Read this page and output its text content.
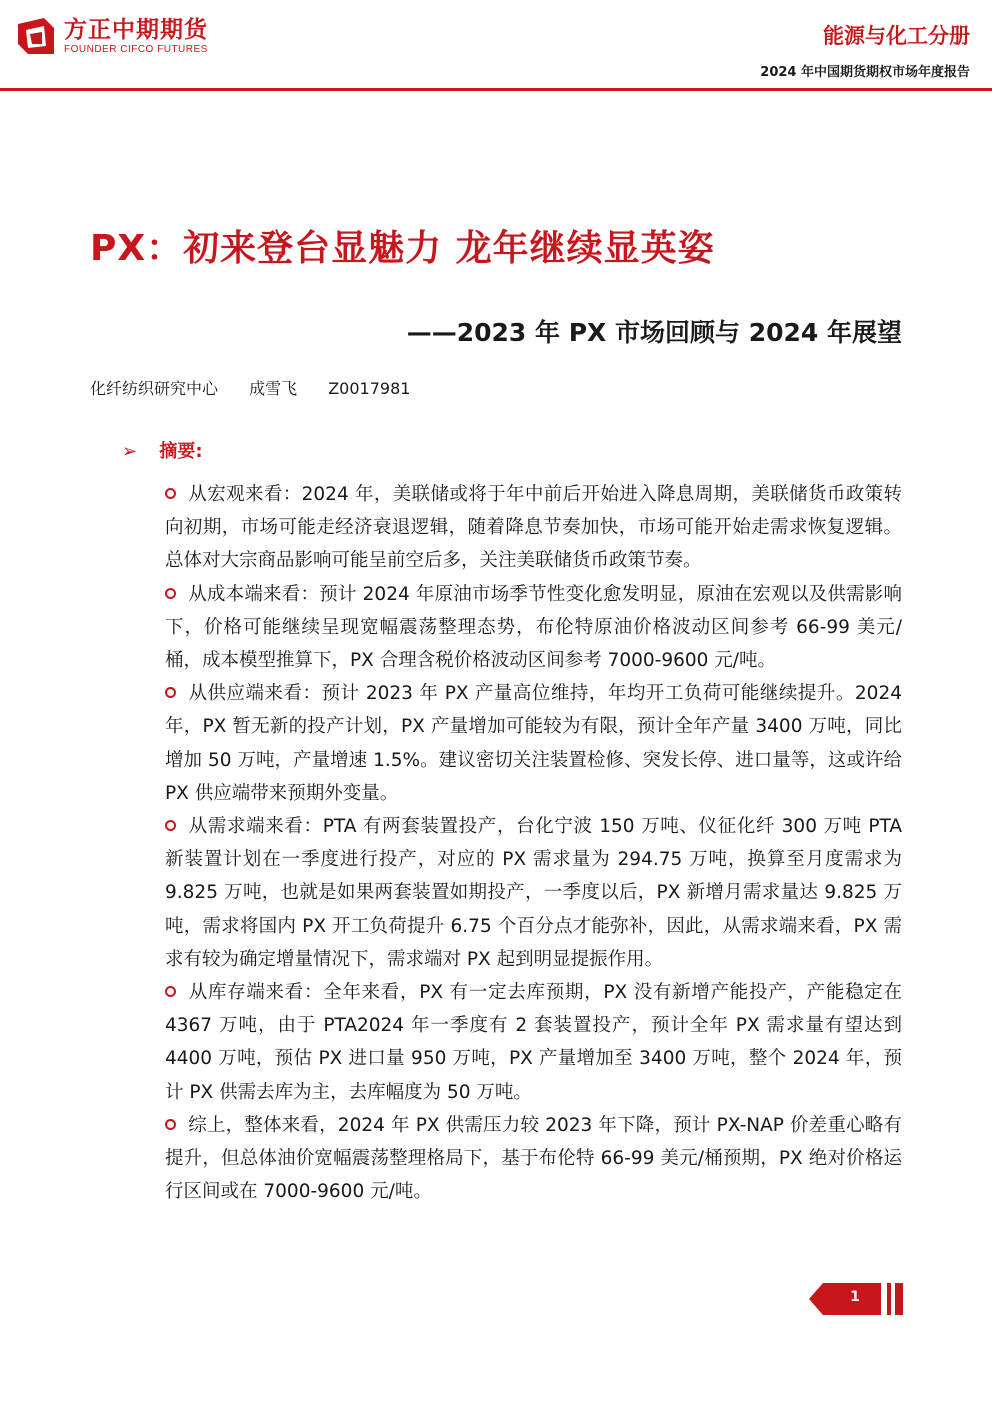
方正中期期货
FOUNDER CIFCO FUTURES
能源与化工分册
2024 年中国期货期权市场年度报告
PX：初来登台显魅力 龙年继续显英姿
——2023 年 PX 市场回顾与 2024 年展望
化纤纺织研究中心 成雪飞 Z0017981
➢ 摘要:

从宏观来看：2024 年，美联储或将于年中前后开始进入降息周期，美联储货币政策转向初期，市场可能走经济衰退逻辑，随着降息节奏加快，市场可能开始走需求恢复逻辑。总体对大宗商品影响可能呈前空后多，关注美联储货币政策节奏。

从成本端来看：预计 2024 年原油市场季节性变化愈发明显，原油在宏观以及供需影响下，价格可能继续呈现宽幅震荡整理态势，布伦特原油价格波动区间参考 66-99 美元/桶，成本模型推算下，PX 合理含税价格波动区间参考 7000-9600 元/吨。

从供应端来看：预计 2023 年 PX 产量高位维持，年均开工负荷可能继续提升。2024 年，PX 暂无新的投产计划，PX 产量增加可能较为有限，预计全年产量 3400 万吨，同比增加 50 万吨，产量增速 1.5%。建议密切关注装置检修、突发长停、进口量等，这或许给 PX 供应端带来预期外变量。

从需求端来看：PTA 有两套装置投产，台化宁波 150 万吨、仪征化纤 300 万吨 PTA 新装置计划在一季度进行投产，对应的 PX 需求量为 294.75 万吨，换算至月度需求为 9.825 万吨，也就是如果两套装置如期投产，一季度以后，PX 新增月需求量达 9.825 万吨，需求将国内 PX 开工负荷提升 6.75 个百分点才能弥补，因此，从需求端来看，PX 需求有较为确定增量情况下，需求端对 PX 起到明显提振作用。

从库存端来看：全年来看，PX 有一定去库预期，PX 没有新增产能投产，产能稳定在 4367 万吨，由于 PTA2024 年一季度有 2 套装置投产，预计全年 PX 需求量有望达到 4400 万吨，预估 PX 进口量 950 万吨，PX 产量增加至 3400 万吨，整个 2024 年，预计 PX 供需去库为主，去库幅度为 50 万吨。

综上，整体来看，2024 年 PX 供需压力较 2023 年下降，预计 PX-NAP 价差重心略有提升，但总体油价宽幅震荡整理格局下，基于布伦特 66-99 美元/桶预期，PX 绝对价格运行区间或在 7000-9600 元/吨。

1
